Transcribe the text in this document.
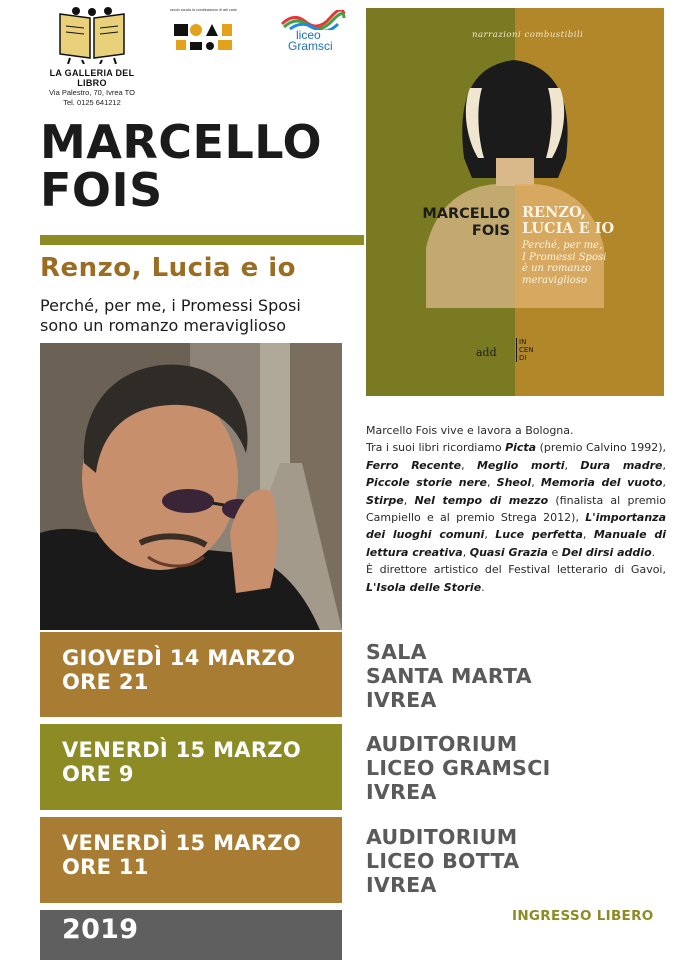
LA GALLERIA DEL LIBRO
Via Palestro, 70, Ivrea TO
Tel. 0125 641212
ravolo scuola la combinazione di arti varie
liceo
Gramsci
MARCELLO
FOIS
Renzo, Lucia e io
Perché, per me, i Promessi Sposi
sono un romanzo meraviglioso
narrazioni combustibili
MARCELLO
FOIS
RENZO,
LUCIA E IO
Perché, per me,
I Promessi Sposi
è un romanzo
meraviglioso
add
IN CEN DI
Marcello Fois vive e lavora a Bologna.
Tra i suoi libri ricordiamo Picta (premio Calvino 1992), Ferro Recente, Meglio morti, Dura madre, Piccole storie nere, Sheol, Memoria del vuoto, Stirpe, Nel tempo di mezzo (finalista al premio Campiello e al premio Strega 2012), L'importanza dei luoghi comuni, Luce perfetta, Manuale di lettura creativa, Quasi Grazia e Del dirsi addio.
È direttore artistico del Festival letterario di Gavoi, L'Isola delle Storie.
GIOVEDÌ 14 MARZO
ORE 21
SALA
SANTA MARTA
IVREA
VENERDÌ 15 MARZO
ORE 9
AUDITORIUM
LICEO GRAMSCI
IVREA
VENERDÌ 15 MARZO
ORE 11
AUDITORIUM
LICEO BOTTA
IVREA
2019	INGRESSO LIBERO
